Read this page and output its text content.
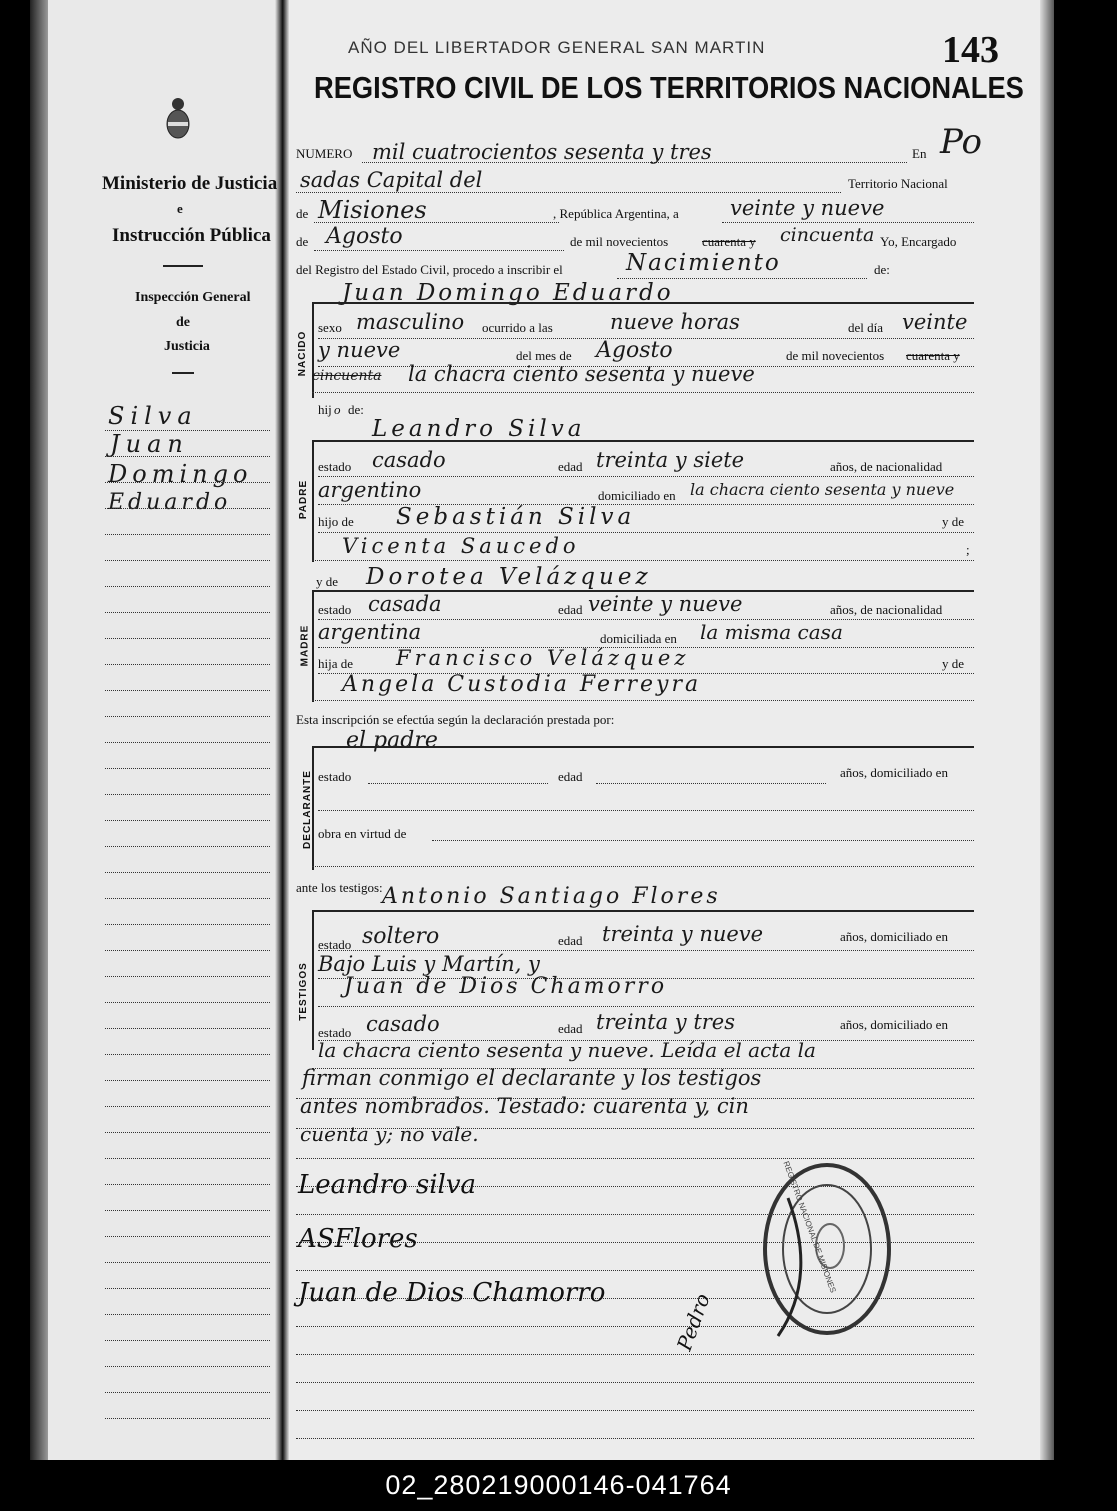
Ministerio de Justicia
e
Instrucción Pública
Inspección General
de
Justicia
Silva
Juan
Domingo
Eduardo
AÑO DEL LIBERTADOR GENERAL SAN MARTIN	143
REGISTRO CIVIL DE LOS TERRITORIOS NACIONALES
NUMERO mil cuatrocientos sesenta y tres	En Po
sadas Capital del	Territorio Nacional
de Misiones	, República Argentina, a veinte y nueve
de Agosto	de mil novecientos	cuarenta y cincuenta Yo, Encargado
del Registro del Estado Civil, procedo a inscribir el	Nacimiento	de:
Juan Domingo Eduardo
NACIDO
sexo masculino ocurrido a las	nueve horas	del día veinte
y nueve	del mes de Agosto	de mil novecientos cuarenta y
cincuenta la chacra ciento sesenta y nueve
hij o de:
Leandro Silva
PADRE
estado casado	edad treinta y siete	años, de nacionalidad
argentino	domiciliado en la chacra ciento sesenta y nueve
hijo de Sebastián Silva	y de
Vicenta Saucedo	;
y de Dorotea Velázquez
MADRE
estado casada	edad veinte y nueve	años, de nacionalidad
argentina	domiciliada en la misma casa
hija de Francisco Velázquez	y de
Angela Custodia Ferreyra
Esta inscripción se efectúa según la declaración prestada por:
el padre
DECLARANTE estado	edad	años, domiciliado en
obra en virtud de
ante los testigos: Antonio Santiago Flores
TESTIGOS
estado soltero	edad treinta y nueve	años, domiciliado en
Bajo Luis y Martín, y
Juan de Dios Chamorro
estado casado	edad treinta y tres	años, domiciliado en
la chacra ciento sesenta y nueve. Leída el acta la
firman conmigo el declarante y los testigos
antes nombrados. Testado: cuarenta y, cin
cuenta y; no vale.
Leandro silva
ASFlores
Juan de Dios Chamorro	Pedro
REGISTRO NACIONAL DE MISIONES
02_280219000146-041764
